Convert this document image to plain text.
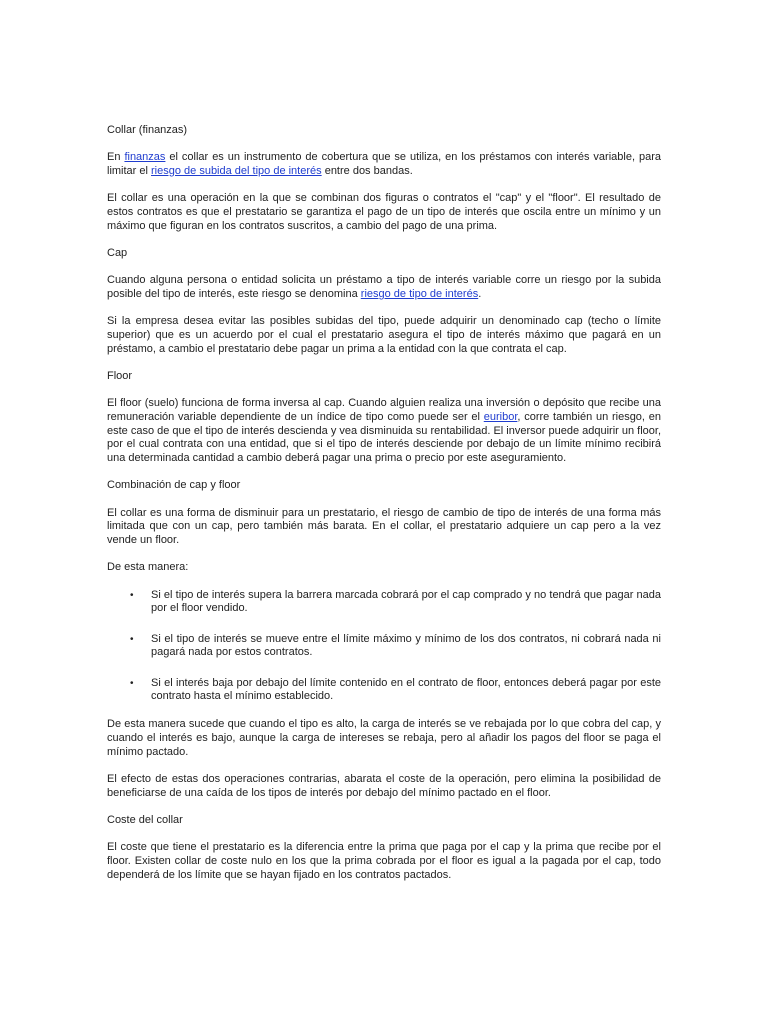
Collar (finanzas)

En finanzas el collar es un instrumento de cobertura que se utiliza, en los préstamos con interés variable, para limitar el riesgo de subida del tipo de interés entre dos bandas.

El collar es una operación en la que se combinan dos figuras o contratos el "cap" y el "floor". El resultado de estos contratos es que el prestatario se garantiza el pago de un tipo de interés que oscila entre un mínimo y un máximo que figuran en los contratos suscritos, a cambio del pago de una prima.

Cap

Cuando alguna persona o entidad solicita un préstamo a tipo de interés variable corre un riesgo por la subida posible del tipo de interés, este riesgo se denomina riesgo de tipo de interés.

Si la empresa desea evitar las posibles subidas del tipo, puede adquirir un denominado cap (techo o límite superior) que es un acuerdo por el cual el prestatario asegura el tipo de interés máximo que pagará en un préstamo, a cambio el prestatario debe pagar un prima a la entidad con la que contrata el cap.

Floor

El floor (suelo) funciona de forma inversa al cap. Cuando alguien realiza una inversión o depósito que recibe una remuneración variable dependiente de un índice de tipo como puede ser el euribor, corre también un riesgo, en este caso de que el tipo de interés descienda y vea disminuida su rentabilidad. El inversor puede adquirir un floor, por el cual contrata con una entidad, que si el tipo de interés desciende por debajo de un límite mínimo recibirá una determinada cantidad a cambio deberá pagar una prima o precio por este aseguramiento.

Combinación de cap y floor

El collar es una forma de disminuir para un prestatario, el riesgo de cambio de tipo de interés de una forma más limitada que con un cap, pero también más barata. En el collar, el prestatario adquiere un cap pero a la vez vende un floor.

De esta manera:

• Si el tipo de interés supera la barrera marcada cobrará por el cap comprado y no tendrá que pagar nada por el floor vendido.
• Si el tipo de interés se mueve entre el límite máximo y mínimo de los dos contratos, ni cobrará nada ni pagará nada por estos contratos.
• Si el interés baja por debajo del límite contenido en el contrato de floor, entonces deberá pagar por este contrato hasta el mínimo establecido.

De esta manera sucede que cuando el tipo es alto, la carga de interés se ve rebajada por lo que cobra del cap, y cuando el interés es bajo, aunque la carga de intereses se rebaja, pero al añadir los pagos del floor se paga el mínimo pactado.

El efecto de estas dos operaciones contrarias, abarata el coste de la operación, pero elimina la posibilidad de beneficiarse de una caída de los tipos de interés por debajo del mínimo pactado en el floor.

Coste del collar

El coste que tiene el prestatario es la diferencia entre la prima que paga por el cap y la prima que recibe por el floor. Existen collar de coste nulo en los que la prima cobrada por el floor es igual a la pagada por el cap, todo dependerá de los límite que se hayan fijado en los contratos pactados.
